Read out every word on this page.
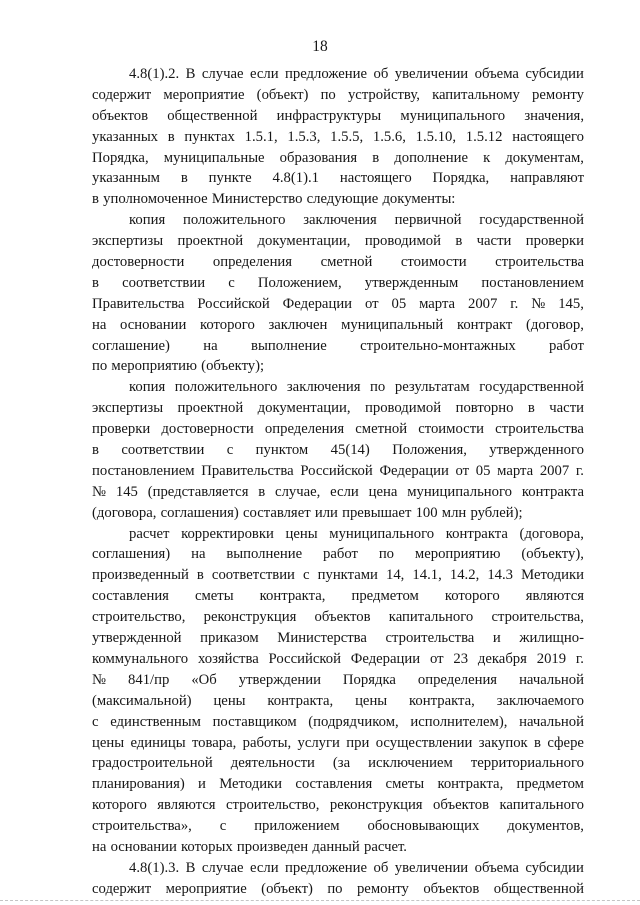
18
4.8(1).2. В случае если предложение об увеличении объема субсидии
содержит мероприятие (объект) по устройству, капитальному ремонту
объектов общественной инфраструктуры муниципального значения,
указанных в пунктах 1.5.1, 1.5.3, 1.5.5, 1.5.6, 1.5.10, 1.5.12 настоящего
Порядка, муниципальные образования в дополнение к документам,
указанным в пункте 4.8(1).1 настоящего Порядка, направляют
в уполномоченное Министерство следующие документы:
копия положительного заключения первичной государственной
экспертизы проектной документации, проводимой в части проверки
достоверности определения сметной стоимости строительства
в соответствии с Положением, утвержденным постановлением
Правительства Российской Федерации от 05 марта 2007 г. № 145,
на основании которого заключен муниципальный контракт (договор,
соглашение) на выполнение строительно-монтажных работ
по мероприятию (объекту);
копия положительного заключения по результатам государственной
экспертизы проектной документации, проводимой повторно в части
проверки достоверности определения сметной стоимости строительства
в соответствии с пунктом 45(14) Положения, утвержденного
постановлением Правительства Российской Федерации от 05 марта 2007 г.
№ 145 (представляется в случае, если цена муниципального контракта
(договора, соглашения) составляет или превышает 100 млн рублей);
расчет корректировки цены муниципального контракта (договора,
соглашения) на выполнение работ по мероприятию (объекту),
произведенный в соответствии с пунктами 14, 14.1, 14.2, 14.3 Методики
составления сметы контракта, предметом которого являются
строительство, реконструкция объектов капитального строительства,
утвержденной приказом Министерства строительства и жилищно-
коммунального хозяйства Российской Федерации от 23 декабря 2019 г.
№ 841/пр «Об утверждении Порядка определения начальной
(максимальной) цены контракта, цены контракта, заключаемого
с единственным поставщиком (подрядчиком, исполнителем), начальной
цены единицы товара, работы, услуги при осуществлении закупок в сфере
градостроительной деятельности (за исключением территориального
планирования) и Методики составления сметы контракта, предметом
которого являются строительство, реконструкция объектов капитального
строительства», с приложением обосновывающих документов,
на основании которых произведен данный расчет.
4.8(1).3. В случае если предложение об увеличении объема субсидии
содержит мероприятие (объект) по ремонту объектов общественной
